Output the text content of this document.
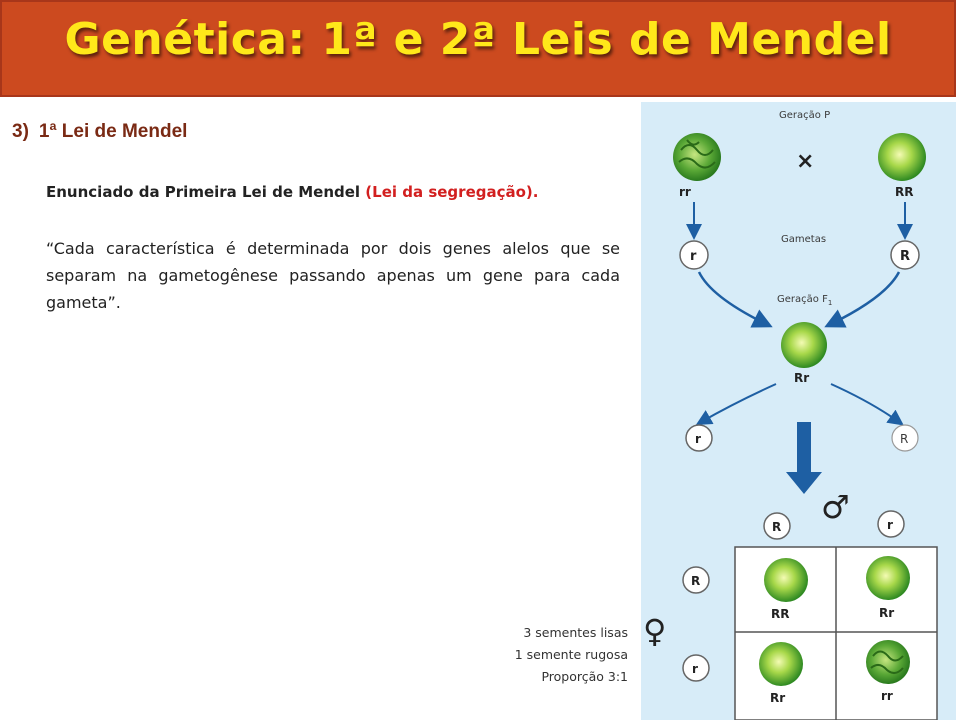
Genética: 1ª e 2ª Leis de Mendel
3) 1ª Lei de Mendel
Enunciado da Primeira Lei de Mendel (Lei da segregação).
“Cada característica é determinada por dois genes alelos que se separam na gametogênese passando apenas um gene para cada gameta”.
3 sementes lisas
1 semente rugosa
Proporção 3:1
Geração P
rr
×
RR
Gametas
r	R
Geração $F_1$
Rr
r	R
♂
R	r
♀
R
r
RR	Rr
Rr	rr
